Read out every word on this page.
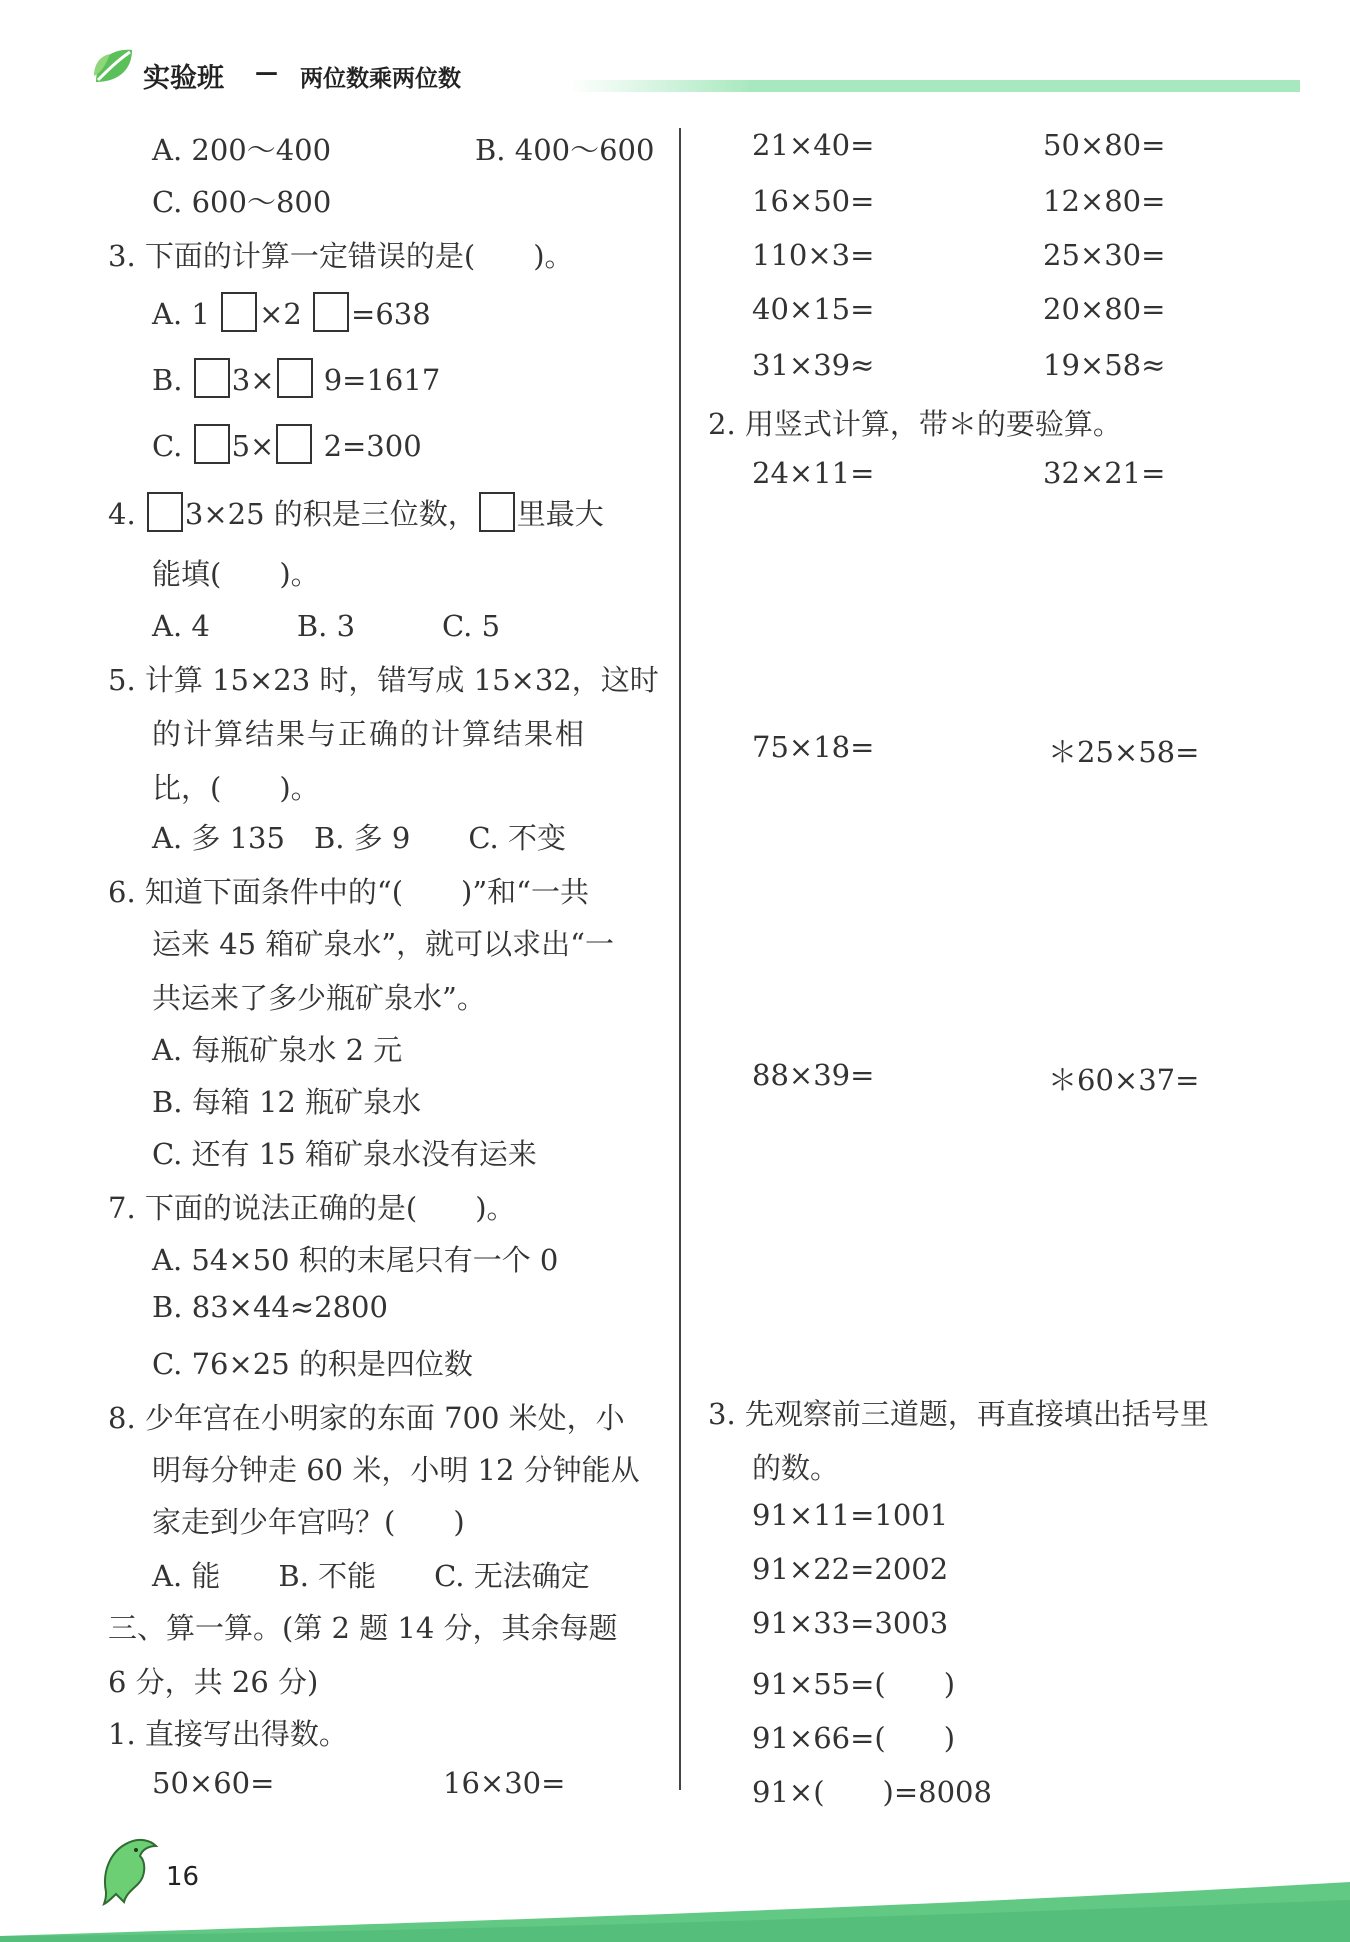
实验班 — 两位数乘两位数
A. 200～400	B. 400～600
C. 600～800
3. 下面的计算一定错误的是(　　)。
A. 1 ×2 =638
B. 3× 9=1617
C. 5× 2=300
4. 3×25 的积是三位数， 里最大
能填(　　)。
A. 4　　　B. 3　　　C. 5
5. 计算 15×23 时，错写成 15×32，这时
的计算结果与正确的计算结果相
比，(　　)。
A. 多 135　B. 多 9　　C. 不变
6. 知道下面条件中的“(　　)”和“一共
运来 45 箱矿泉水”，就可以求出“一
共运来了多少瓶矿泉水”。
A. 每瓶矿泉水 2 元
B. 每箱 12 瓶矿泉水
C. 还有 15 箱矿泉水没有运来
7. 下面的说法正确的是(　　)。
A. 54×50 积的末尾只有一个 0
B. 83×44≈2800
C. 76×25 的积是四位数
8. 少年宫在小明家的东面 700 米处，小
明每分钟走 60 米，小明 12 分钟能从
家走到少年宫吗？(　　)
A. 能　　B. 不能　　C. 无法确定
三、算一算。(第 2 题 14 分，其余每题
6 分，共 26 分)
1. 直接写出得数。
50×60=	16×30=
21×40=	50×80=
16×50=	12×80=
110×3=	25×30=
40×15=	20×80=
31×39≈	19×58≈
2. 用竖式计算，带＊的要验算。
24×11=	32×21=
75×18=	＊25×58=
88×39=	＊60×37=
3. 先观察前三道题，再直接填出括号里
的数。
91×11=1001
91×22=2002
91×33=3003
91×55=(　　)
91×66=(　　)
91×(　　)=8008
16
